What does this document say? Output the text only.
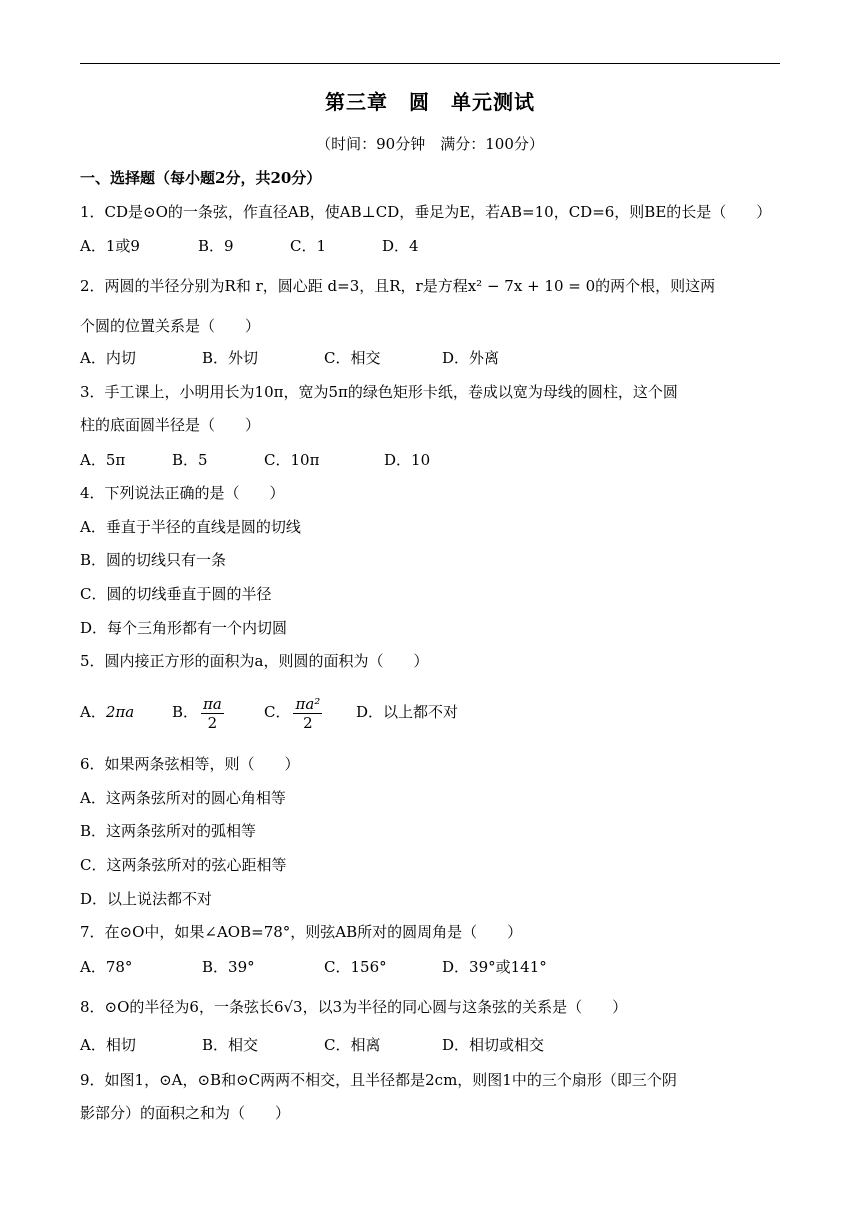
第三章　圆　单元测试
（时间：90分钟　满分：100分）
一、选择题（每小题2分，共20分）
1．CD是⊙O的一条弦，作直径AB，使AB⊥CD，垂足为E，若AB=10，CD=6，则BE的长是（　　）
A．1或9	B．9	C．1	D．4
2．两圆的半径分别为R和 r，圆心距 d=3，且R，r是方程x² − 7x + 10 = 0的两个根，则这两
个圆的位置关系是（　　）
A．内切	B．外切	C．相交	D．外离
3．手工课上，小明用长为10π，宽为5π的绿色矩形卡纸，卷成以宽为母线的圆柱，这个圆
柱的底面圆半径是（　　）
A．5π	B．5	C．10π	D．10
4．下列说法正确的是（　　）
A．垂直于半径的直线是圆的切线
B．圆的切线只有一条
C．圆的切线垂直于圆的半径
D．每个三角形都有一个内切圆
5．圆内接正方形的面积为a，则圆的面积为（　　）
A．2πa	B． $\frac{\pi a}{2}$	C． $\frac{\text{πa²}}{2}$ D．以上都不对
6．如果两条弦相等，则（　　）
A．这两条弦所对的圆心角相等
B．这两条弦所对的弧相等
C．这两条弦所对的弦心距相等
D．以上说法都不对
7．在⊙O中，如果∠AOB=78°，则弦AB所对的圆周角是（　　）
A．78°	B．39°	C．156°	D．39°或141°
8．⊙O的半径为6，一条弦长6√3，以3为半径的同心圆与这条弦的关系是（　　）
A．相切	B．相交	C．相离	D．相切或相交
9．如图1，⊙A，⊙B和⊙C两两不相交，且半径都是2cm，则图1中的三个扇形（即三个阴
影部分）的面积之和为（　　）
